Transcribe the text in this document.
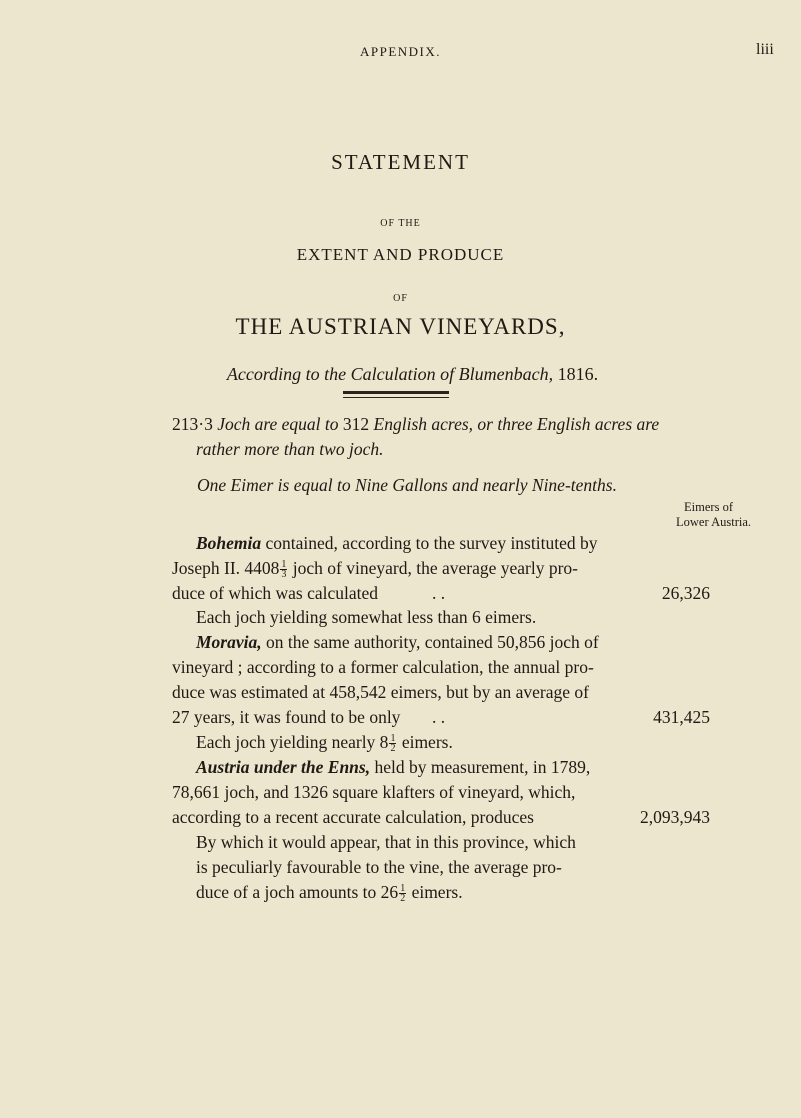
APPENDIX.	liii
STATEMENT
OF THE
EXTENT AND PRODUCE
OF
THE AUSTRIAN VINEYARDS,
According to the Calculation of Blumenbach, 1816.
213·3 Joch are equal to 312 English acres, or three English acres are
rather more than two joch.
One Eimer is equal to Nine Gallons and nearly Nine-tenths.
Eimers of
Lower Austria.
Bohemia contained, according to the survey instituted by
Joseph II. $4408 \frac{1}{3}$ joch of vineyard, the average yearly pro-
duce of which was calculated	. .	26,326
Each joch yielding somewhat less than 6 eimers.
Moravia, on the same authority, contained 50,856 joch of
vineyard ; according to a former calculation, the annual pro-
duce was estimated at 458,542 eimers, but by an average of
27 years, it was found to be only . .	431,425
Each joch yielding nearly $8 \frac{1}{2}$ eimers.
Austria under the Enns, held by measurement, in 1789,
78,661 joch, and 1326 square klafters of vineyard, which,
according to a recent accurate calculation, produces	2,093,943
By which it would appear, that in this province, which
is peculiarly favourable to the vine, the average pro-
duce of a joch amounts to $26 \frac{1}{2}$ eimers.
